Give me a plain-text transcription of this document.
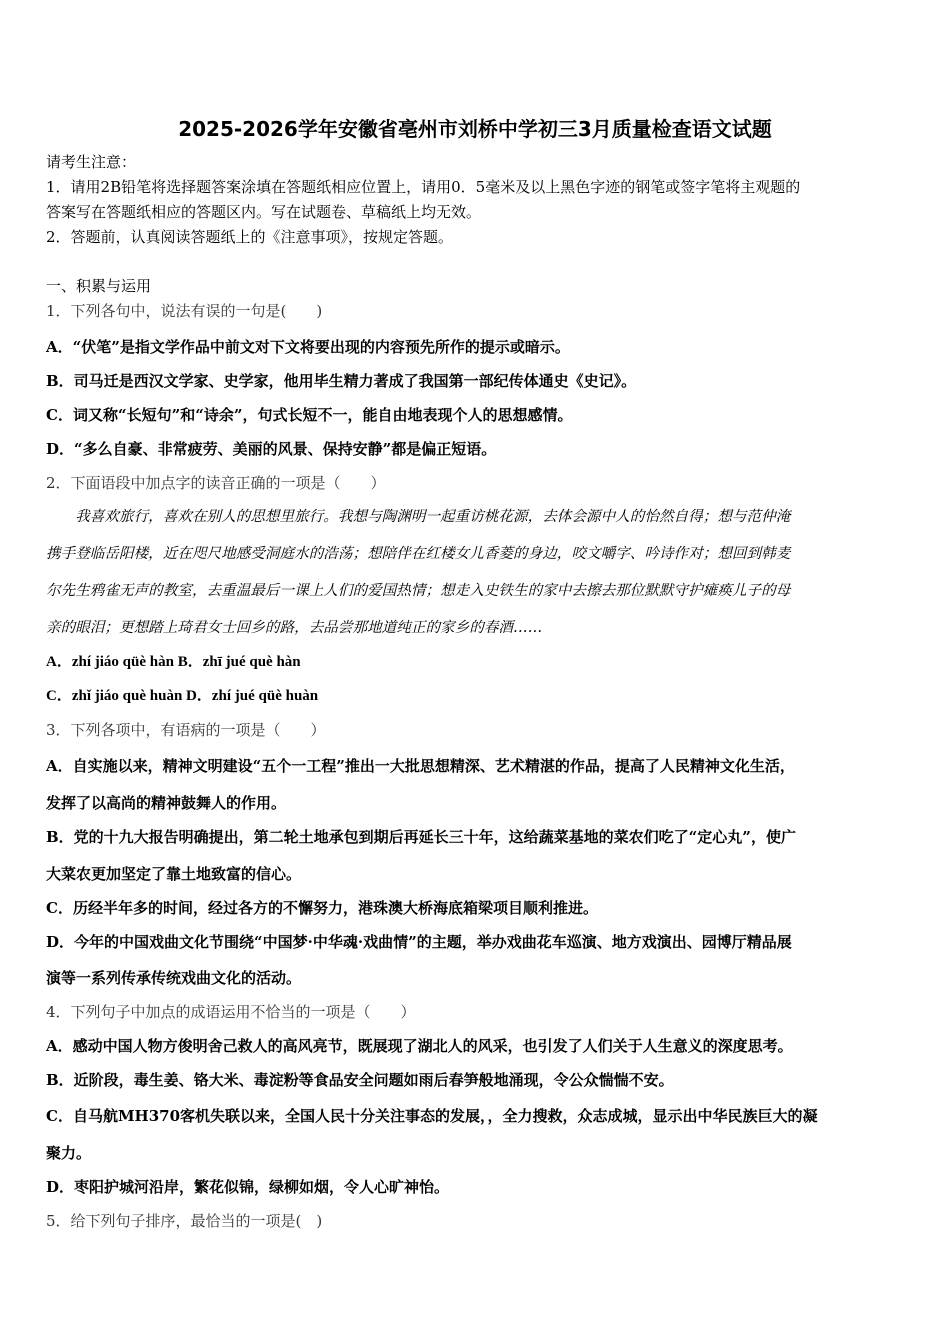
2025-2026学年安徽省亳州市刘桥中学初三3月质量检查语文试题
请考生注意：
1．请用2B铅笔将选择题答案涂填在答题纸相应位置上，请用0．5毫米及以上黑色字迹的钢笔或签字笔将主观题的
答案写在答题纸相应的答题区内。写在试题卷、草稿纸上均无效。
2．答题前，认真阅读答题纸上的《注意事项》，按规定答题。
一、积累与运用
1．下列各句中，说法有误的一句是(　　)
A．“伏笔”是指文学作品中前文对下文将要出现的内容预先所作的提示或暗示。
B．司马迁是西汉文学家、史学家，他用毕生精力著成了我国第一部纪传体通史《史记》。
C．词又称“长短句”和“诗余”，句式长短不一，能自由地表现个人的思想感情。
D．“多么自豪、非常疲劳、美丽的风景、保持安静”都是偏正短语。
2．下面语段中加点字的读音正确的一项是（　　）
　　我喜欢旅行，喜欢在别人的思想里旅行。我想与陶渊明一起重访桃花源，去体会源中人的怡然自得；想与范仲淹
携手登临岳阳楼，近在咫尺地感受洞庭水的浩荡；想陪伴在红楼女儿香菱的身边，咬文嚼字、吟诗作对；想回到韩麦
尔先生鸦雀无声的教室，去重温最后一课上人们的爱国热情；想走入史铁生的家中去擦去那位默默守护瘫痪儿子的母
亲的眼泪；更想踏上琦君女士回乡的路，去品尝那地道纯正的家乡的春酒……
A．zhí jiáo qüè hàn B．zhī jué què hàn
C．zhǐ jiáo què huàn D．zhí jué qüè huàn
3．下列各项中，有语病的一项是（　　）
A．自实施以来，精神文明建设“五个一工程”推出一大批思想精深、艺术精湛的作品，提高了人民精神文化生活，
发挥了以高尚的精神鼓舞人的作用。
B．党的十九大报告明确提出，第二轮土地承包到期后再延长三十年，这给蔬菜基地的菜农们吃了“定心丸”，使广
大菜农更加坚定了靠土地致富的信心。
C．历经半年多的时间，经过各方的不懈努力，港珠澳大桥海底箱梁项目顺利推进。
D．今年的中国戏曲文化节围绕“中国梦·中华魂·戏曲情”的主题，举办戏曲花车巡演、地方戏演出、园博厅精品展
演等一系列传承传统戏曲文化的活动。
4．下列句子中加点的成语运用不恰当的一项是（　　）
A．感动中国人物方俊明舍己救人的高风亮节，既展现了湖北人的风采，也引发了人们关于人生意义的深度思考。
B．近阶段，毒生姜、铬大米、毒淀粉等食品安全问题如雨后春笋般地涌现，令公众惴惴不安。
C．自马航MH370客机失联以来，全国人民十分关注事态的发展，，全力搜救，众志成城，显示出中华民族巨大的凝
聚力。
D．枣阳护城河沿岸，繁花似锦，绿柳如烟，令人心旷神怡。
5．给下列句子排序，最恰当的一项是(　)
